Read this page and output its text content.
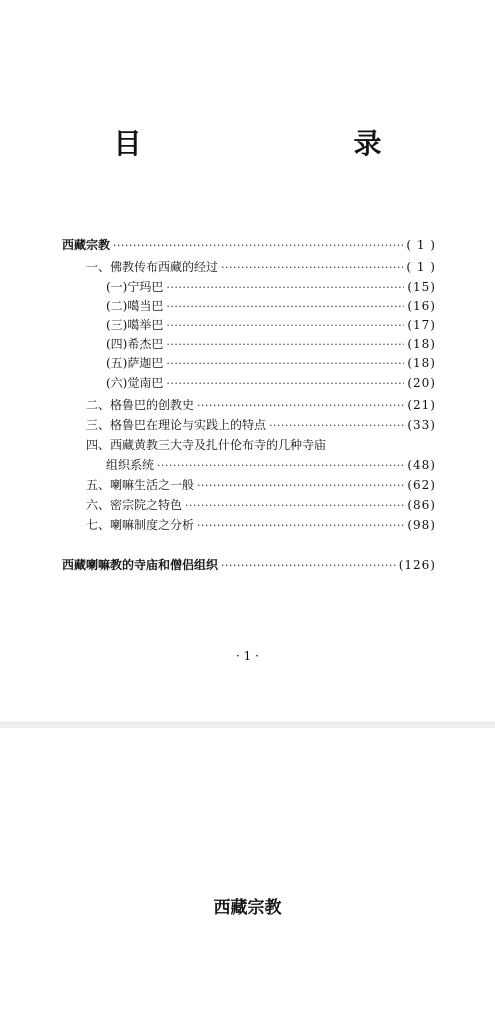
目　　录
西藏宗教 ·····	( 1 )
一、佛教传布西藏的经过 ·····	( 1 )
(一)宁玛巴 ·····	(15)
(二)噶当巴 ·····	(16)
(三)噶举巴 ·····	(17)
(四)希杰巴 ·····	(18)
(五)萨迦巴 ·····	(18)
(六)觉南巴 ·····	(20)
二、格鲁巴的创教史 ·····	(21)
三、格鲁巴在理论与实践上的特点 ·····	(33)
四、西藏黄教三大寺及扎什伦布寺的几种寺庙
组织系统 ·····	(48)
五、喇嘛生活之一般 ·····	(62)
六、密宗院之特色 ·····	(86)
七、喇嘛制度之分析 ·····	(98)
西藏喇嘛教的寺庙和僧侣组织 ·····	(126)
· 1 ·
西藏宗教
